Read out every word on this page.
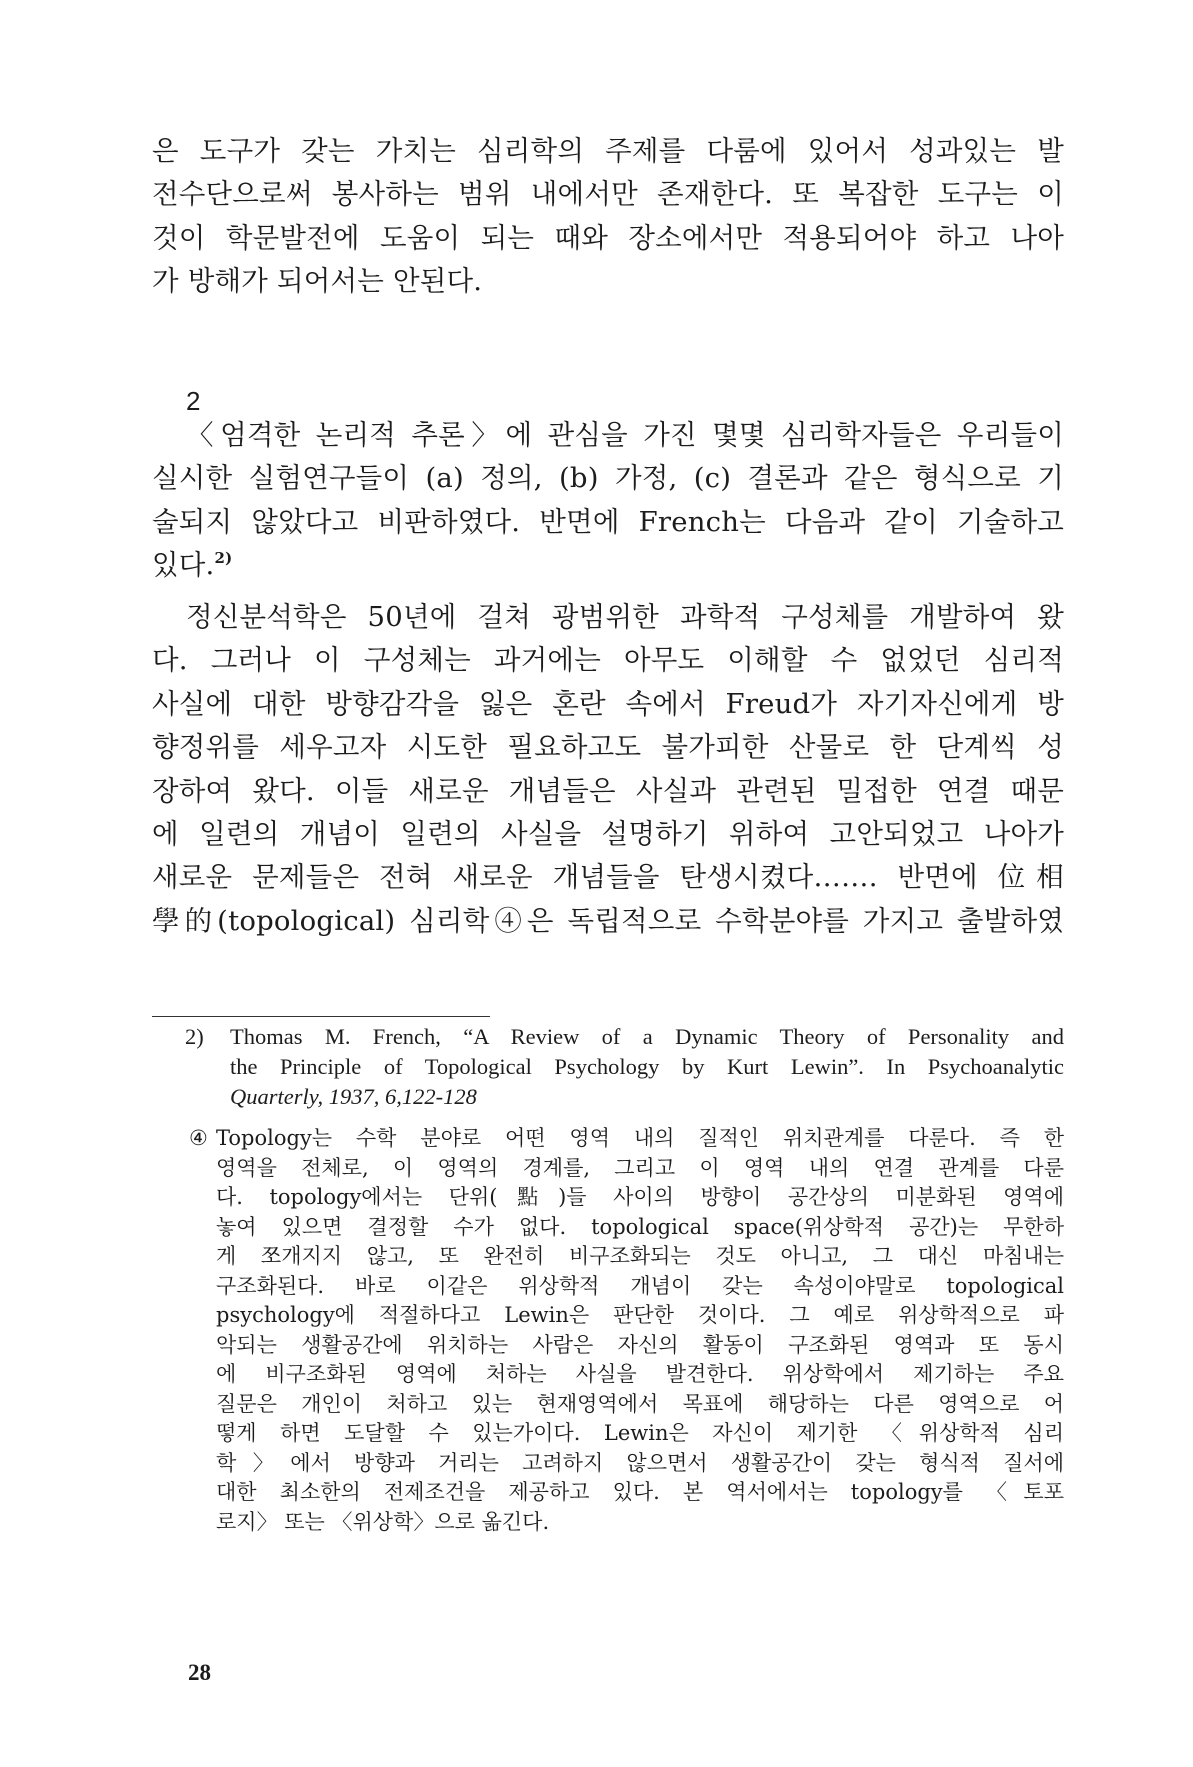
은 도구가 갖는 가치는 심리학의 주제를 다룸에 있어서 성과있는 발
전수단으로써 봉사하는 범위 내에서만 존재한다. 또 복잡한 도구는 이
것이 학문발전에 도움이 되는 때와 장소에서만 적용되어야 하고 나아
가 방해가 되어서는 안된다.
2
〈엄격한 논리적 추론〉에 관심을 가진 몇몇 심리학자들은 우리들이
실시한 실험연구들이 (a) 정의, (b) 가정, (c) 결론과 같은 형식으로 기
술되지 않았다고 비판하였다. 반면에 French는 다음과 같이 기술하고
있다.$^{2)}$
정신분석학은 50년에 걸쳐 광범위한 과학적 구성체를 개발하여 왔
다. 그러나 이 구성체는 과거에는 아무도 이해할 수 없었던 심리적
사실에 대한 방향감각을 잃은 혼란 속에서 Freud가 자기자신에게 방
향정위를 세우고자 시도한 필요하고도 불가피한 산물로 한 단계씩 성
장하여 왔다. 이들 새로운 개념들은 사실과 관련된 밀접한 연결 때문
에 일련의 개념이 일련의 사실을 설명하기 위하여 고안되었고 나아가
새로운 문제들은 전혀 새로운 개념들을 탄생시켰다……. 반면에 位相
學的(topological) 심리학④은 독립적으로 수학분야를 가지고 출발하였
2) Thomas M. French, “A Review of a Dynamic Theory of Personality and
the Principle of Topological Psychology by Kurt Lewin”. In Psychoanalytic
Quarterly, 1937, 6,122-128
④ Topology는 수학 분야로 어떤 영역 내의 질적인 위치관계를 다룬다. 즉 한
영역을 전체로, 이 영역의 경계를, 그리고 이 영역 내의 연결 관계를 다룬
다. topology에서는 단위(點)들 사이의 방향이 공간상의 미분화된 영역에
놓여 있으면 결정할 수가 없다. topological space(위상학적 공간)는 무한하
게 쪼개지지 않고, 또 완전히 비구조화되는 것도 아니고, 그 대신 마침내는
구조화된다. 바로 이같은 위상학적 개념이 갖는 속성이야말로 topological
psychology에 적절하다고 Lewin은 판단한 것이다. 그 예로 위상학적으로 파
악되는 생활공간에 위치하는 사람은 자신의 활동이 구조화된 영역과 또 동시
에 비구조화된 영역에 처하는 사실을 발견한다. 위상학에서 제기하는 주요
질문은 개인이 처하고 있는 현재영역에서 목표에 해당하는 다른 영역으로 어
떻게 하면 도달할 수 있는가이다. Lewin은 자신이 제기한 〈위상학적 심리
학〉에서 방향과 거리는 고려하지 않으면서 생활공간이 갖는 형식적 질서에
대한 최소한의 전제조건을 제공하고 있다. 본 역서에서는 topology를 〈토포
로지〉 또는 〈위상학〉으로 옮긴다.
28
